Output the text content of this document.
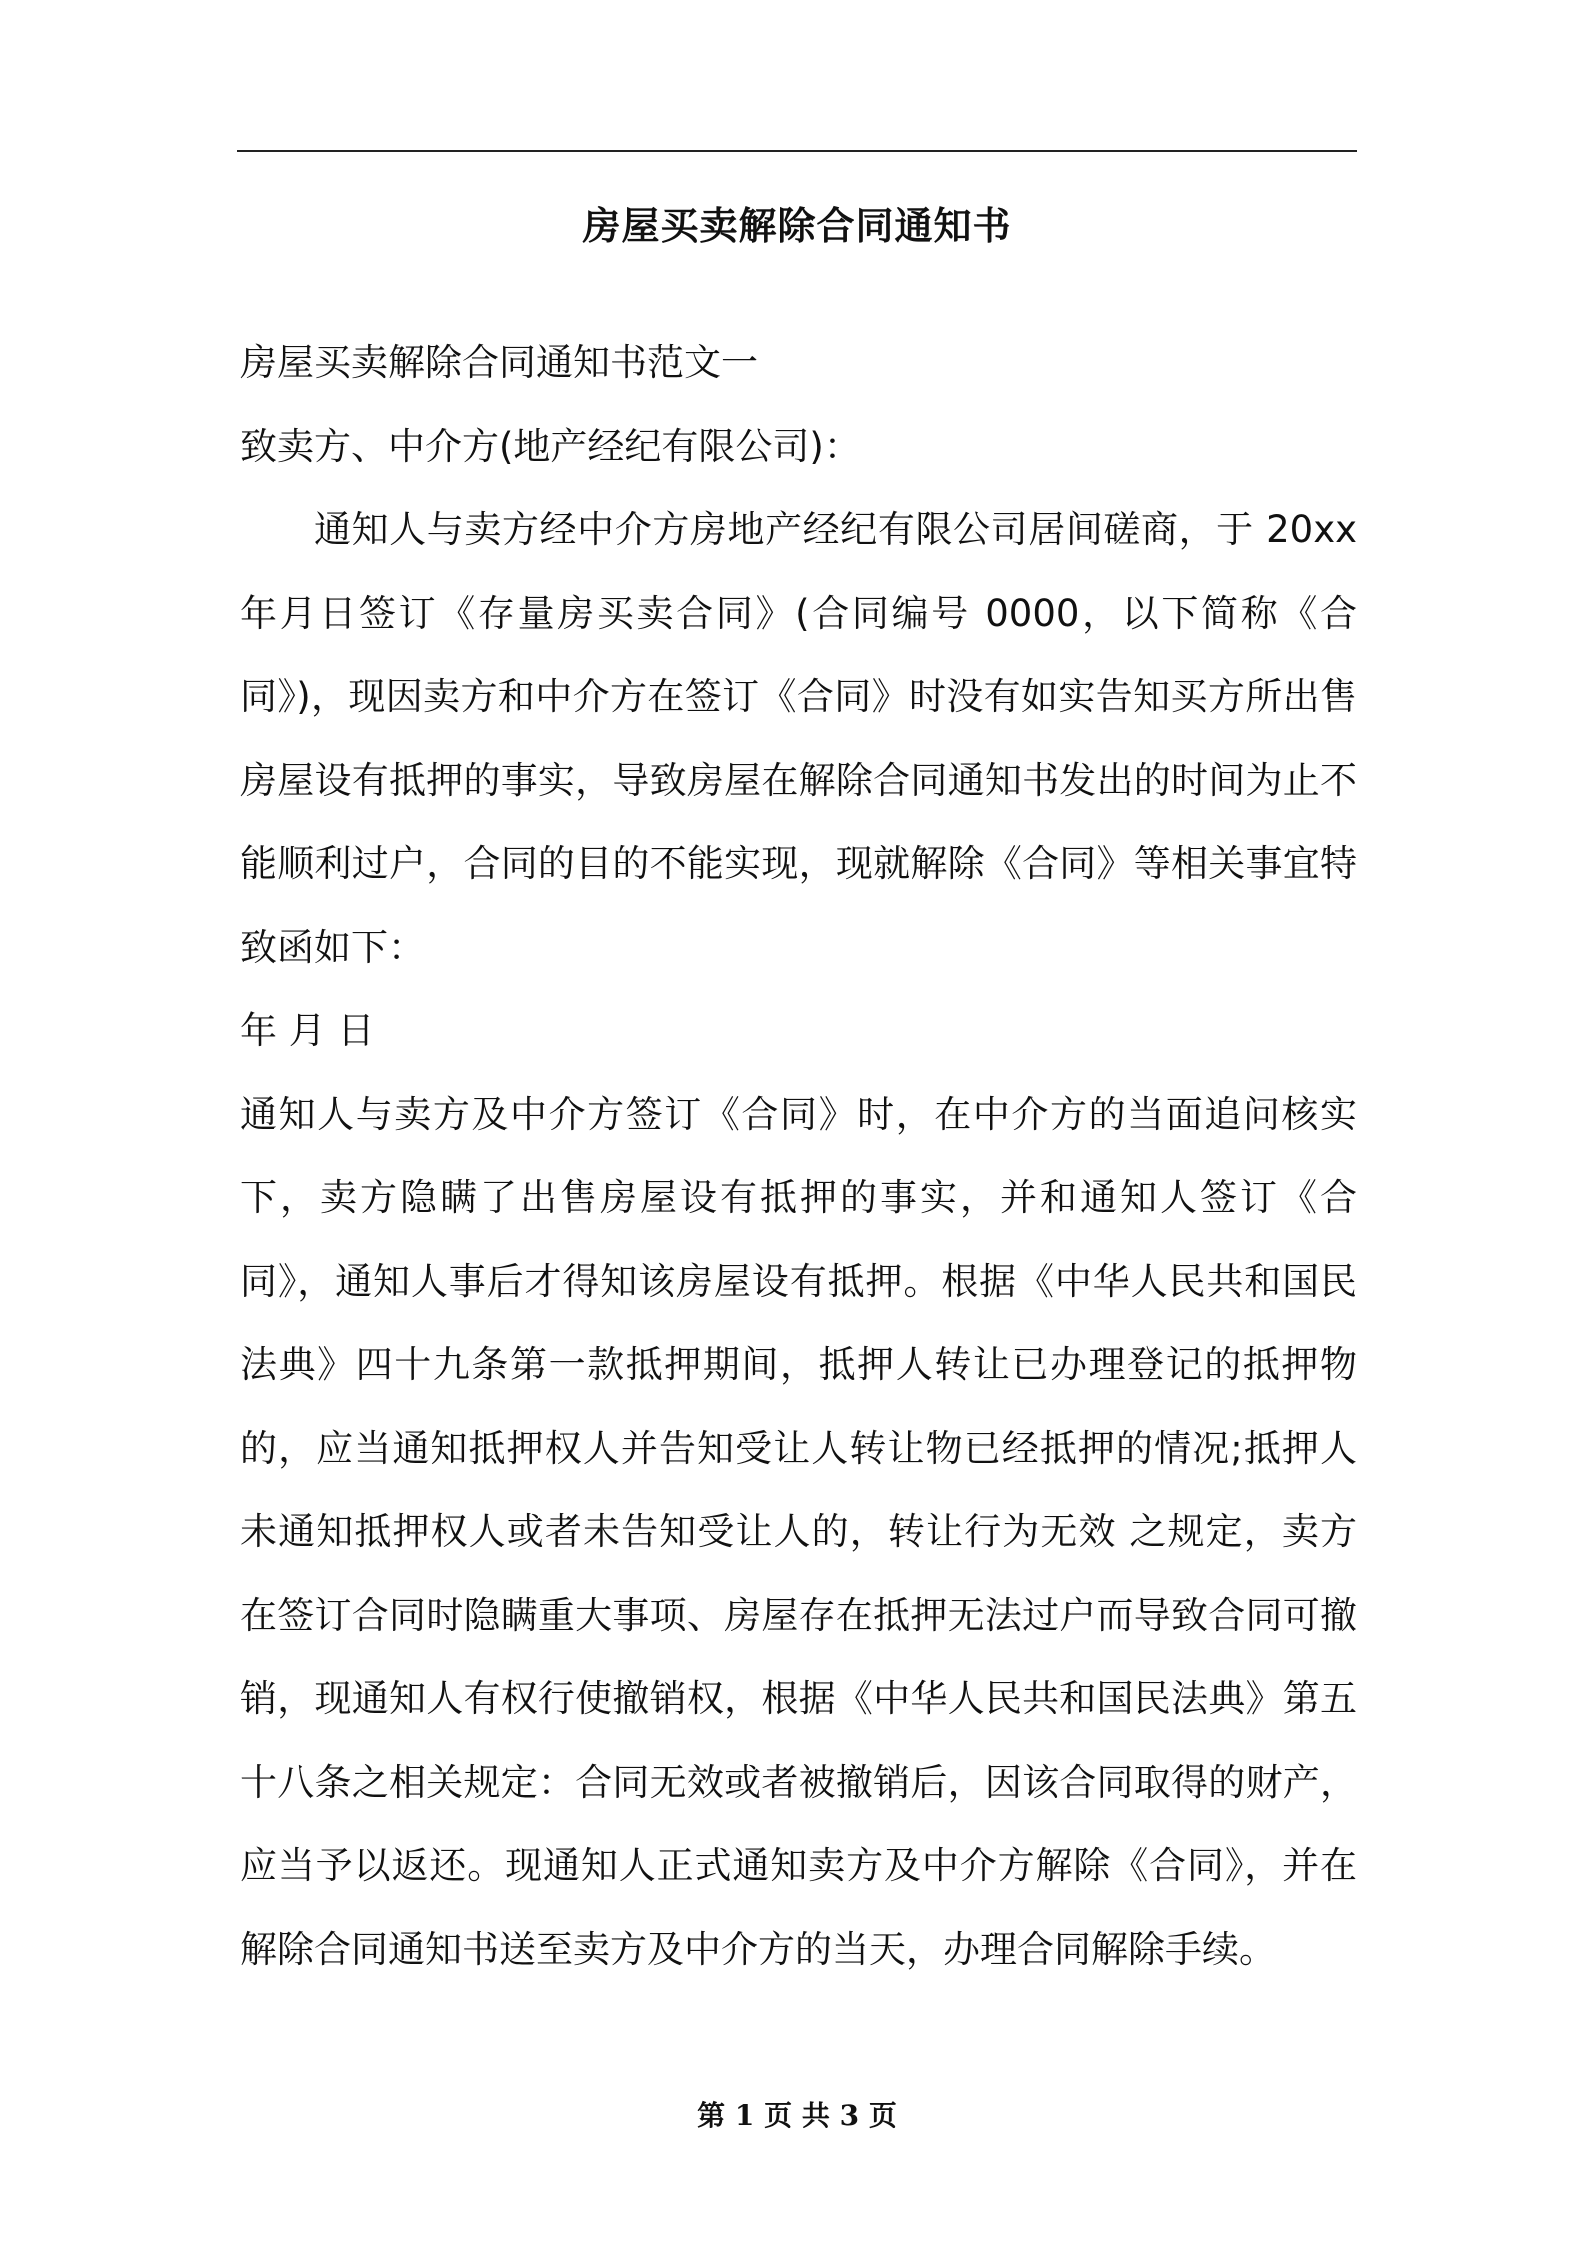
房屋买卖解除合同通知书

房屋买卖解除合同通知书范文一

致卖方、中介方(地产经纪有限公司)：

通知人与卖方经中介方房地产经纪有限公司居间磋商，于 20xx 年月日签订《存量房买卖合同》(合同编号 0000，以下简称《合同》)，现因卖方和中介方在签订《合同》时没有如实告知买方所出售房屋设有抵押的事实，导致房屋在解除合同通知书发出的时间为止不能顺利过户，合同的目的不能实现，现就解除《合同》等相关事宜特致函如下：

年 月 日

通知人与卖方及中介方签订《合同》时，在中介方的当面追问核实下，卖方隐瞒了出售房屋设有抵押的事实，并和通知人签订《合同》，通知人事后才得知该房屋设有抵押。根据《中华人民共和国民法典》四十九条第一款抵押期间，抵押人转让已办理登记的抵押物的，应当通知抵押权人并告知受让人转让物已经抵押的情况;抵押人未通知抵押权人或者未告知受让人的，转让行为无效 之规定，卖方在签订合同时隐瞒重大事项、房屋存在抵押无法过户而导致合同可撤销，现通知人有权行使撤销权，根据《中华人民共和国民法典》第五十八条之相关规定：合同无效或者被撤销后，因该合同取得的财产，应当予以返还。现通知人正式通知卖方及中介方解除《合同》，并在解除合同通知书送至卖方及中介方的当天，办理合同解除手续。

第 1 页 共 3 页
